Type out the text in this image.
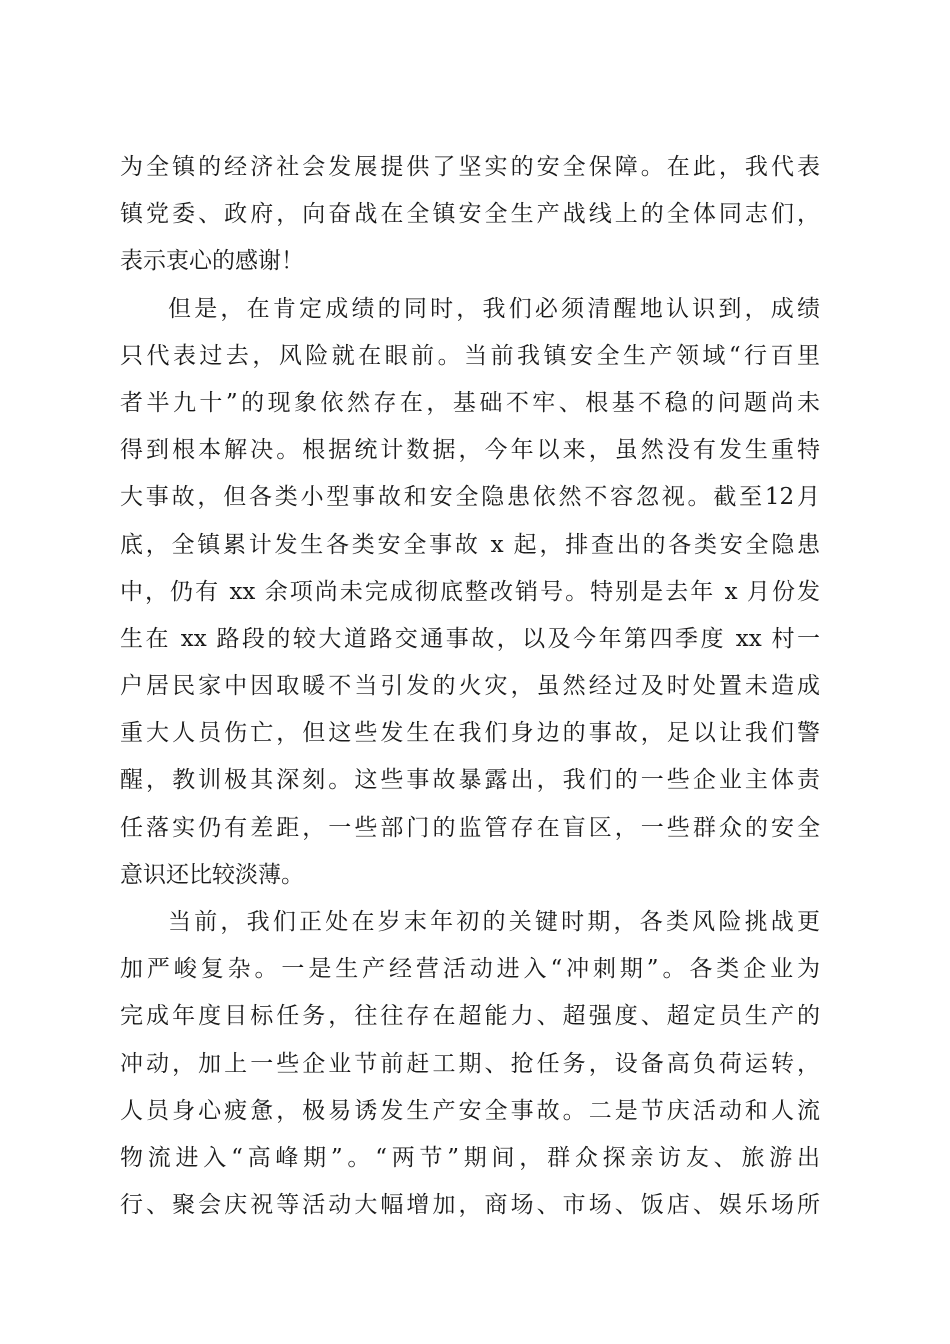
为全镇的经济社会发展提供了坚实的安全保障。在此，我代表
镇党委、政府，向奋战在全镇安全生产战线上的全体同志们，
表示衷心的感谢！
但是，在肯定成绩的同时，我们必须清醒地认识到，成绩
只代表过去，风险就在眼前。当前我镇安全生产领域“行百里
者半九十”的现象依然存在，基础不牢、根基不稳的问题尚未
得到根本解决。根据统计数据，今年以来，虽然没有发生重特
大事故，但各类小型事故和安全隐患依然不容忽视。截至12月
底，全镇累计发生各类安全事故 x 起，排查出的各类安全隐患
中，仍有 xx 余项尚未完成彻底整改销号。特别是去年 x 月份发
生在 xx 路段的较大道路交通事故，以及今年第四季度 xx 村一
户居民家中因取暖不当引发的火灾，虽然经过及时处置未造成
重大人员伤亡，但这些发生在我们身边的事故，足以让我们警
醒，教训极其深刻。这些事故暴露出，我们的一些企业主体责
任落实仍有差距，一些部门的监管存在盲区，一些群众的安全
意识还比较淡薄。
当前，我们正处在岁末年初的关键时期，各类风险挑战更
加严峻复杂。一是生产经营活动进入“冲刺期”。各类企业为
完成年度目标任务，往往存在超能力、超强度、超定员生产的
冲动，加上一些企业节前赶工期、抢任务，设备高负荷运转，
人员身心疲惫，极易诱发生产安全事故。二是节庆活动和人流
物流进入“高峰期”。“两节”期间，群众探亲访友、旅游出
行、聚会庆祝等活动大幅增加，商场、市场、饭店、娱乐场所
